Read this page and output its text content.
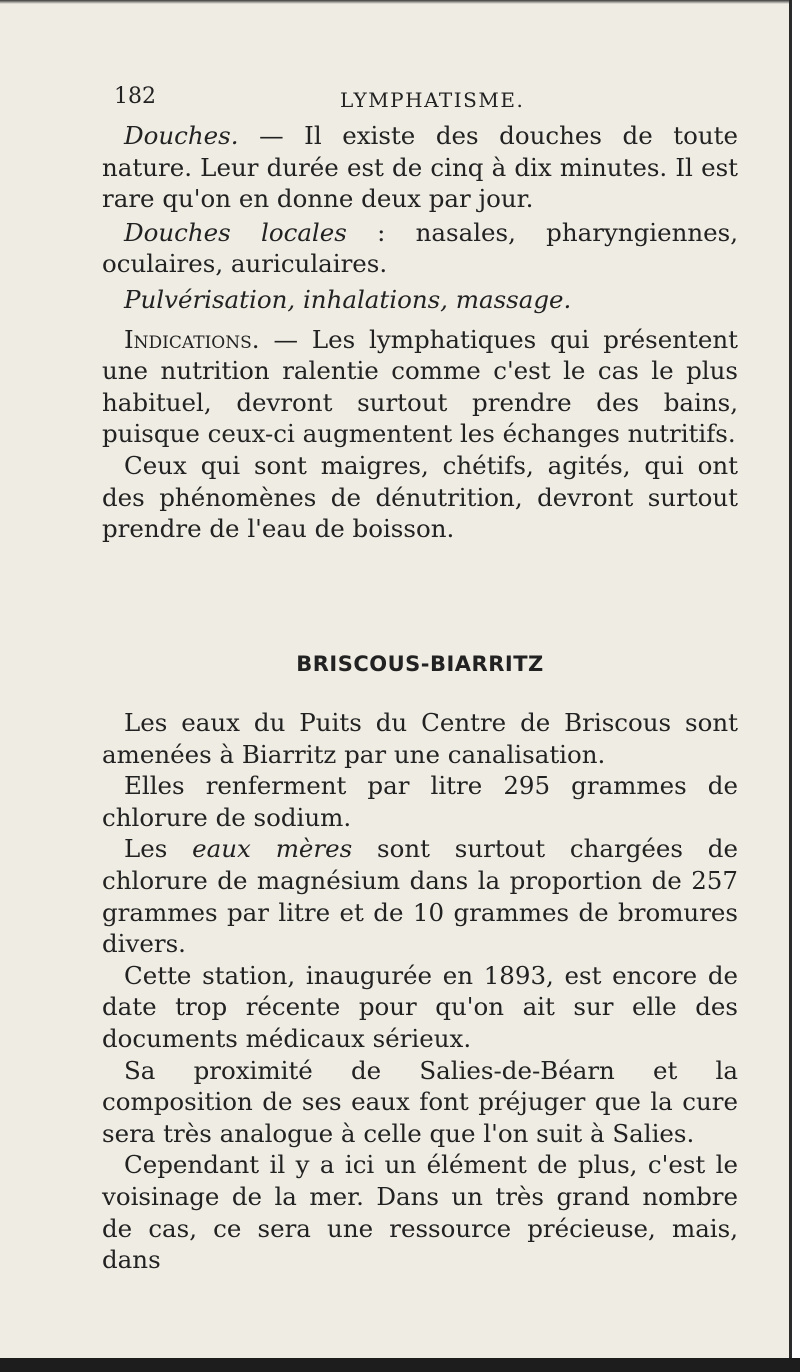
182	LYMPHATISME.

Douches. — Il existe des douches de toute nature. Leur durée est de cinq à dix minutes. Il est rare qu'on en donne deux par jour.

Douches locales : nasales, pharyngiennes, oculaires, auriculaires.

Pulvérisation, inhalations, massage.

Indications. — Les lymphatiques qui présentent une nutrition ralentie comme c'est le cas le plus habituel, devront surtout prendre des bains, puisque ceux-ci augmentent les échanges nutritifs.

Ceux qui sont maigres, chétifs, agités, qui ont des phénomènes de dénutrition, devront surtout prendre de l'eau de boisson.

BRISCOUS-BIARRITZ

Les eaux du Puits du Centre de Briscous sont amenées à Biarritz par une canalisation.

Elles renferment par litre 295 grammes de chlorure de sodium.

Les eaux mères sont surtout chargées de chlorure de magnésium dans la proportion de 257 grammes par litre et de 10 grammes de bromures divers.

Cette station, inaugurée en 1893, est encore de date trop récente pour qu'on ait sur elle des documents médicaux sérieux.

Sa proximité de Salies-de-Béarn et la composition de ses eaux font préjuger que la cure sera très analogue à celle que l'on suit à Salies.

Cependant il y a ici un élément de plus, c'est le voisinage de la mer. Dans un très grand nombre de cas, ce sera une ressource précieuse, mais, dans
